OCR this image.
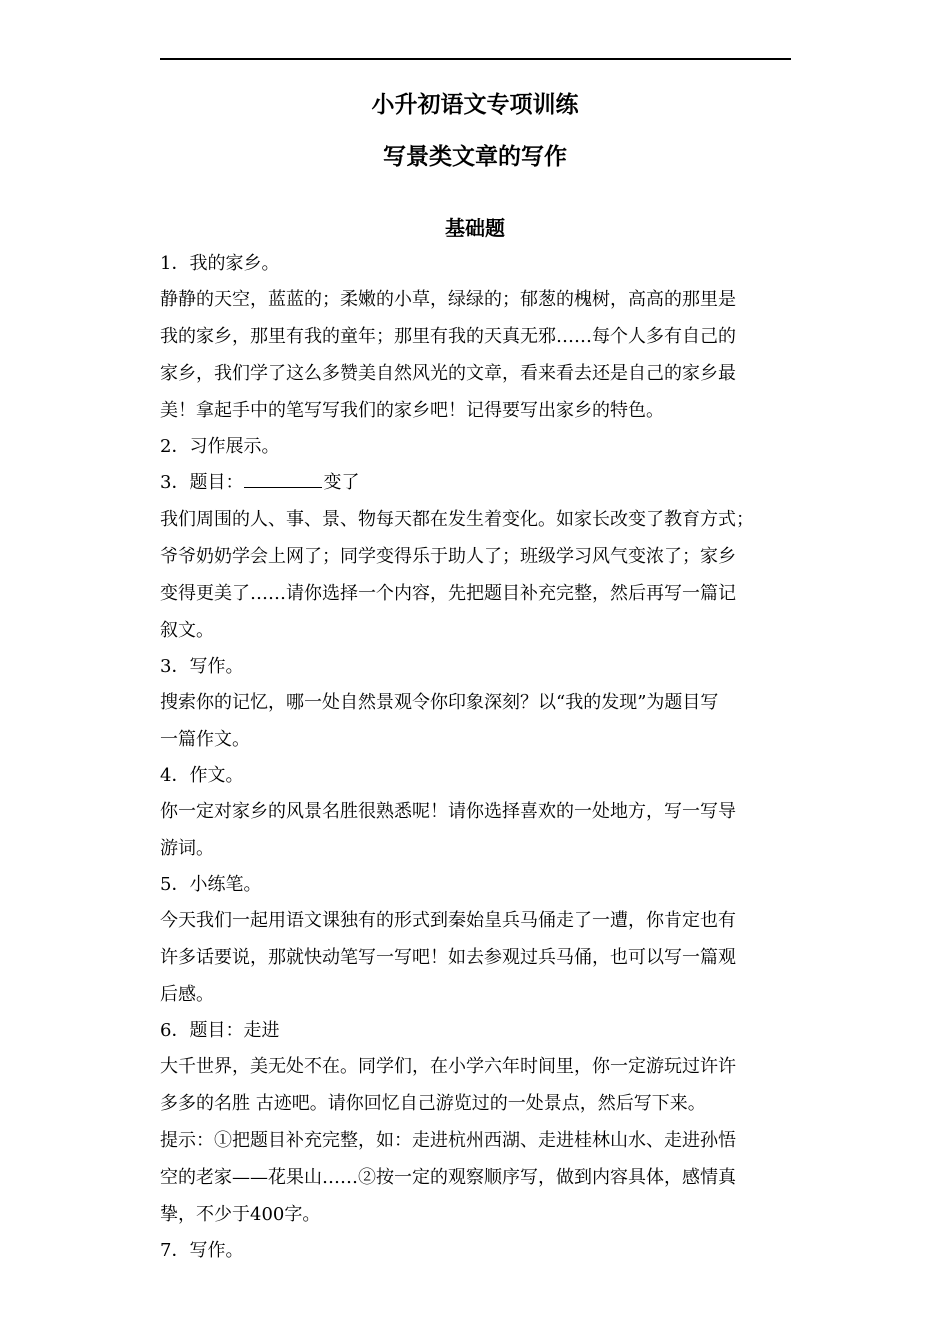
小升初语文专项训练
写景类文章的写作
基础题
1．我的家乡。
静静的天空，蓝蓝的；柔嫩的小草，绿绿的；郁葱的槐树，高高的那里是
我的家乡，那里有我的童年；那里有我的天真无邪……每个人多有自己的
家乡，我们学了这么多赞美自然风光的文章，看来看去还是自己的家乡最
美！拿起手中的笔写写我们的家乡吧！记得要写出家乡的特色。
2．习作展示。
3．题目：	变了
我们周围的人、事、景、物每天都在发生着变化。如家长改变了教育方式；
爷爷奶奶学会上网了；同学变得乐于助人了；班级学习风气变浓了；家乡
变得更美了……请你选择一个内容，先把题目补充完整，然后再写一篇记
叙文。
3．写作。
搜索你的记忆，哪一处自然景观令你印象深刻？以“我的发现”为题目写
一篇作文。
4．作文。
你一定对家乡的风景名胜很熟悉呢！请你选择喜欢的一处地方，写一写导
游词。
5．小练笔。
今天我们一起用语文课独有的形式到秦始皇兵马俑走了一遭，你肯定也有
许多话要说，那就快动笔写一写吧！如去参观过兵马俑，也可以写一篇观
后感。
6．题目：走进
大千世界，美无处不在。同学们，在小学六年时间里，你一定游玩过许许
多多的名胜 古迹吧。请你回忆自己游览过的一处景点，然后写下来。
提示：①把题目补充完整，如：走进杭州西湖、走进桂林山水、走进孙悟
空的老家——花果山……②按一定的观察顺序写，做到内容具体，感情真
挚，不少于400字。
7．写作。
